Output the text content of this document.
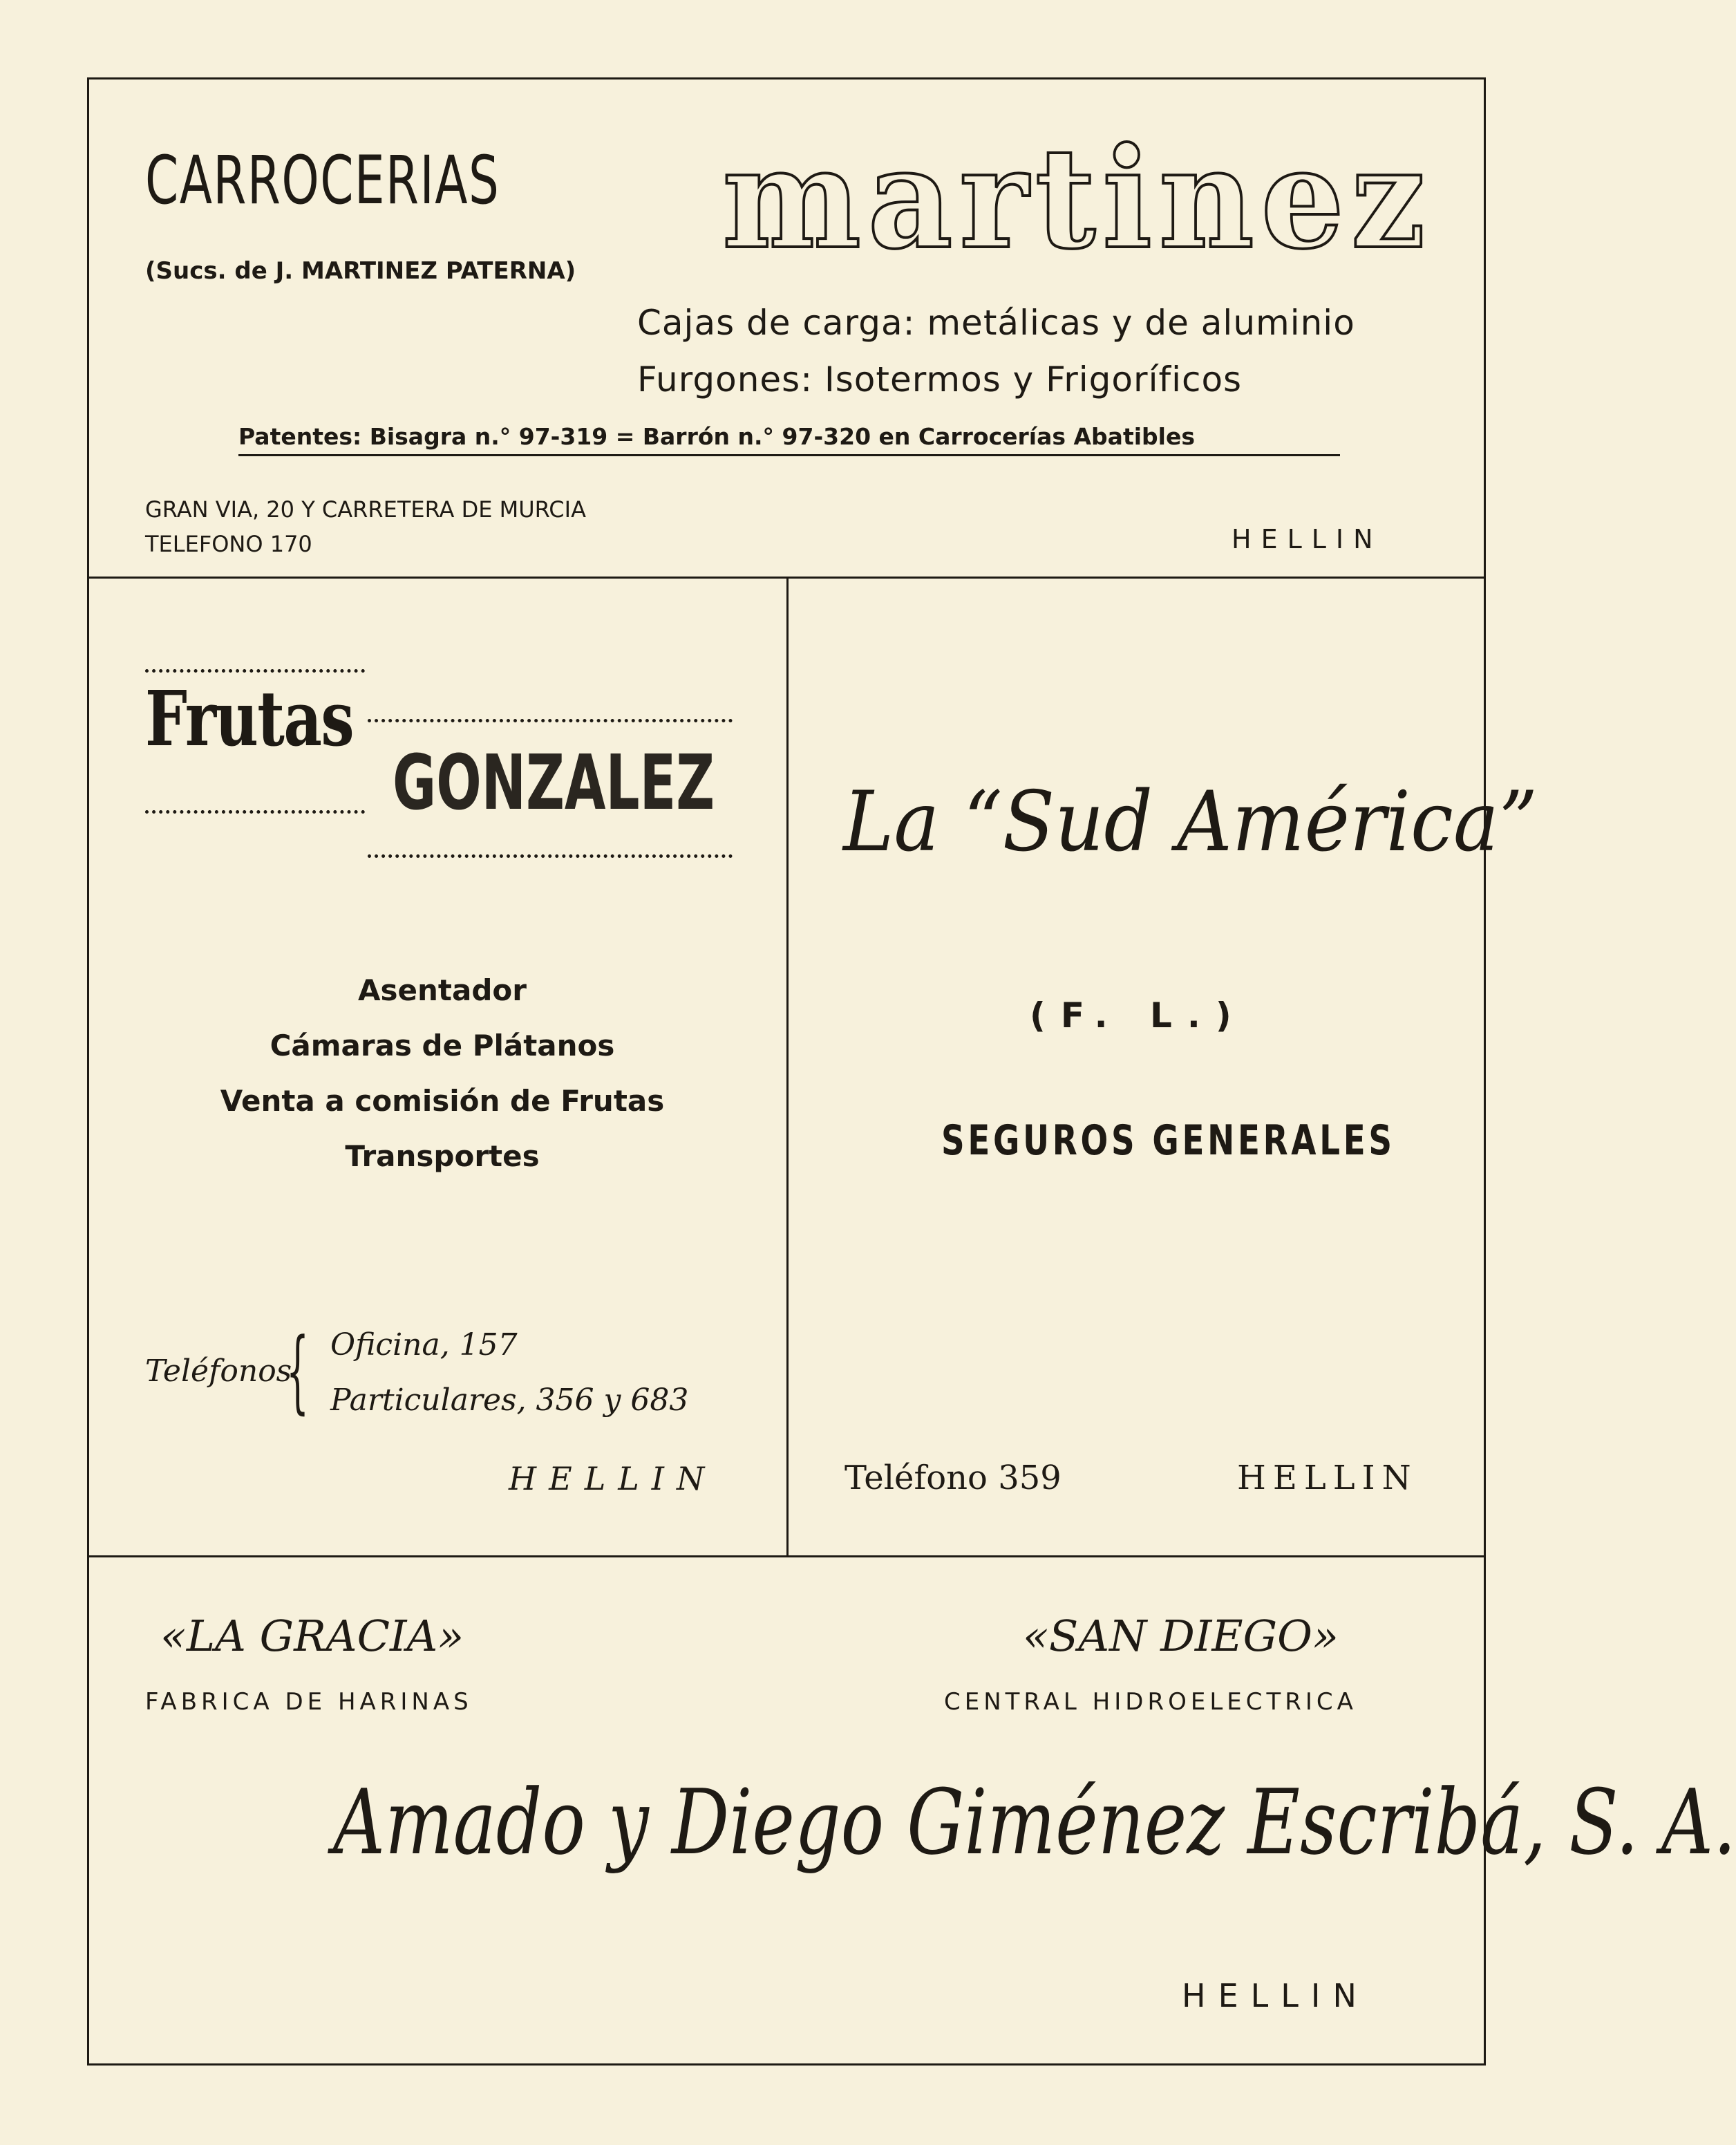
CARROCERIAS martinez
(Sucs. de J. MARTINEZ PATERNA)
Cajas de carga: metálicas y de aluminio
Furgones: Isotermos y Frigoríficos
Patentes: Bisagra n.° 97-319 = Barrón n.° 97-320 en Carrocerías Abatibles
GRAN VIA, 20 Y CARRETERA DE MURCIA
TELEFONO 170	HELLIN
Frutas
GONZALEZ
Asentador
Cámaras de Plátanos
Venta a comisión de Frutas
Transportes
Teléfonos
{ Oficina, 157
Particulares, 356 y 683
HELLIN
La “Sud América”
(F. L.)
SEGUROS GENERALES
Teléfono 359	HELLIN
«LA GRACIA»
FABRICA DE HARINAS
«SAN DIEGO»
CENTRAL HIDROELECTRICA
Amado y Diego Giménez Escribá, S. A.
HELLIN
